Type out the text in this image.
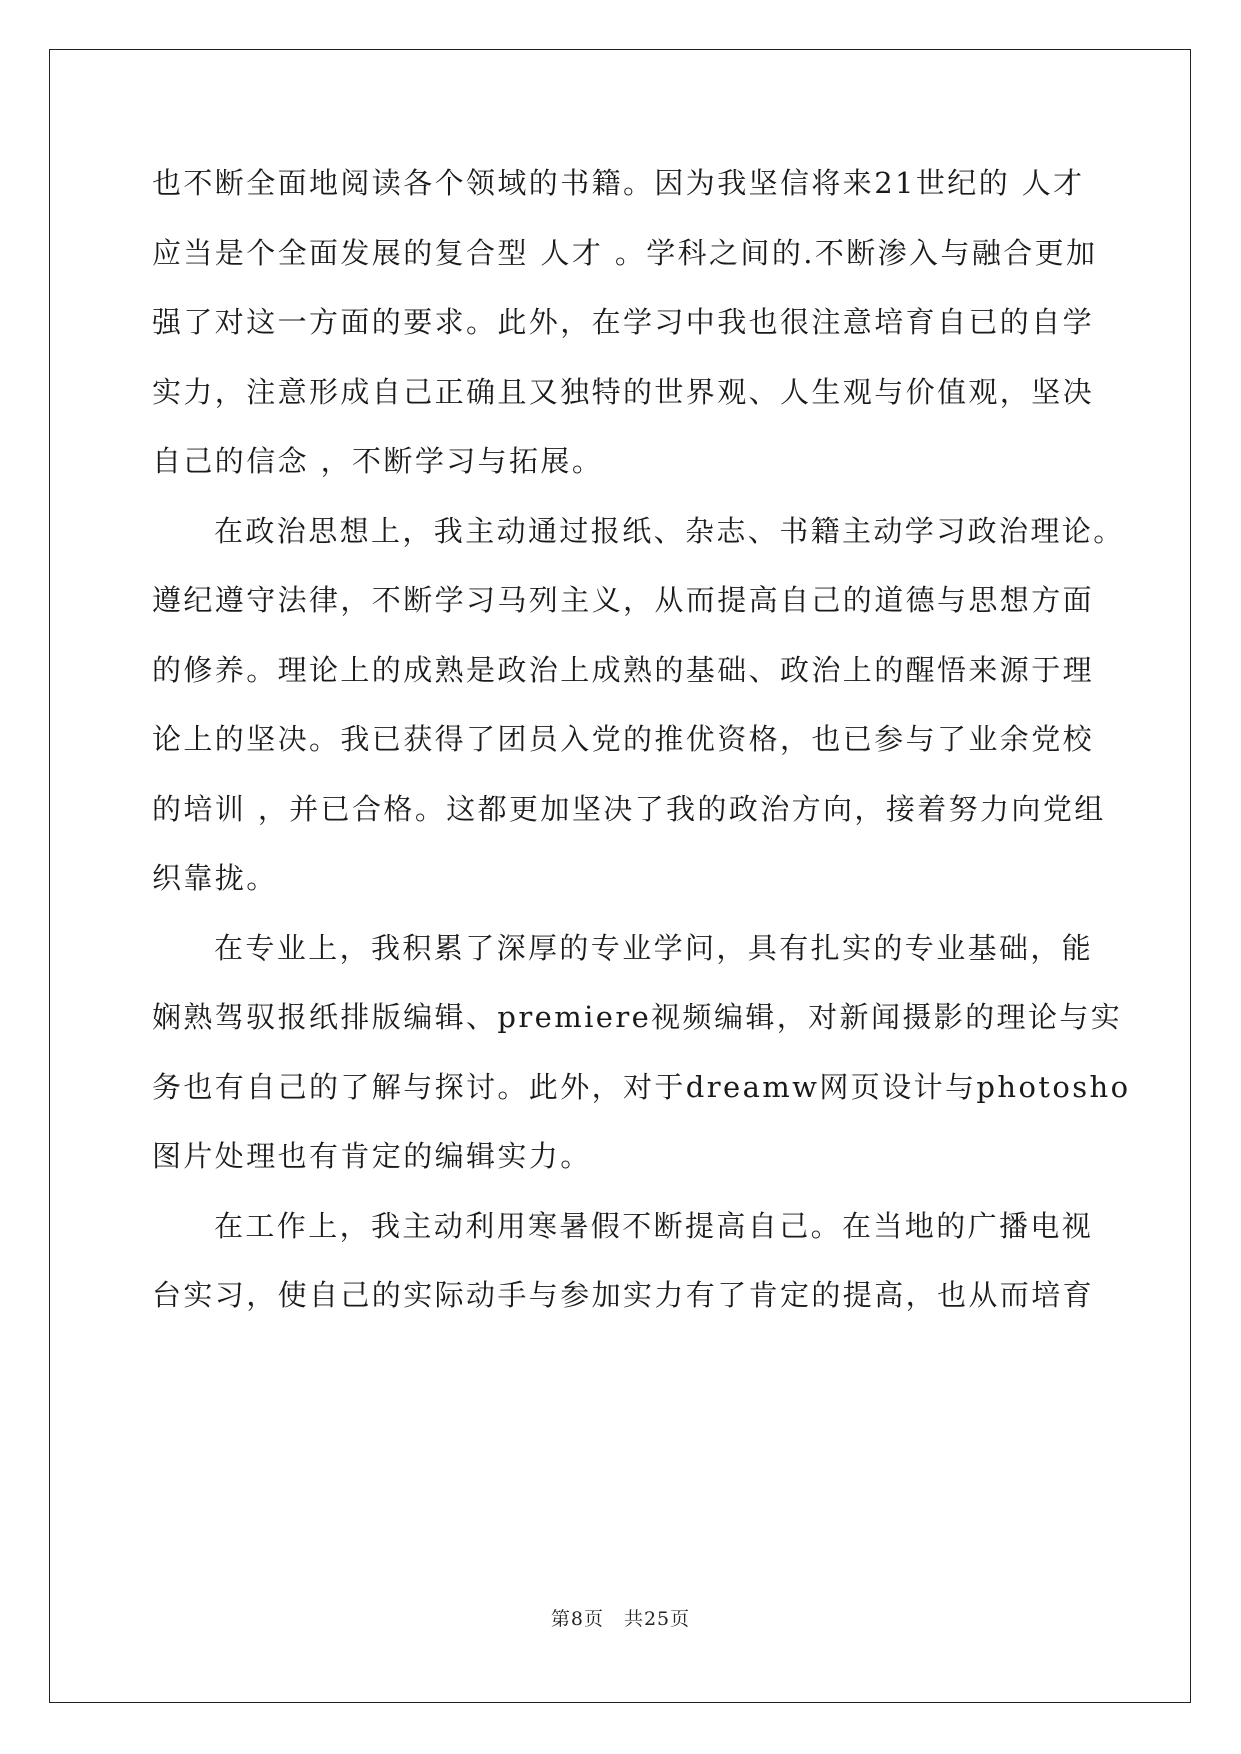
也不断全面地阅读各个领域的书籍。因为我坚信将来21世纪的 人才
应当是个全面发展的复合型 人才 。学科之间的.不断渗入与融合更加
强了对这一方面的要求。此外，在学习中我也很注意培育自已的自学
实力，注意形成自己正确且又独特的世界观、人生观与价值观，坚决
自己的信念 ，不断学习与拓展。
在政治思想上，我主动通过报纸、杂志、书籍主动学习政治理论。
遵纪遵守法律，不断学习马列主义，从而提高自己的道德与思想方面
的修养。理论上的成熟是政治上成熟的基础、政治上的醒悟来源于理
论上的坚决。我已获得了团员入党的推优资格，也已参与了业余党校
的培训 ，并已合格。这都更加坚决了我的政治方向，接着努力向党组
织靠拢。
在专业上，我积累了深厚的专业学问，具有扎实的专业基础，能
娴熟驾驭报纸排版编辑、premiere视频编辑，对新闻摄影的理论与实
务也有自己的了解与探讨。此外，对于dreamw网页设计与photosho
图片处理也有肯定的编辑实力。
在工作上，我主动利用寒暑假不断提高自己。在当地的广播电视
台实习，使自己的实际动手与参加实力有了肯定的提高，也从而培育
第8页　共25页
